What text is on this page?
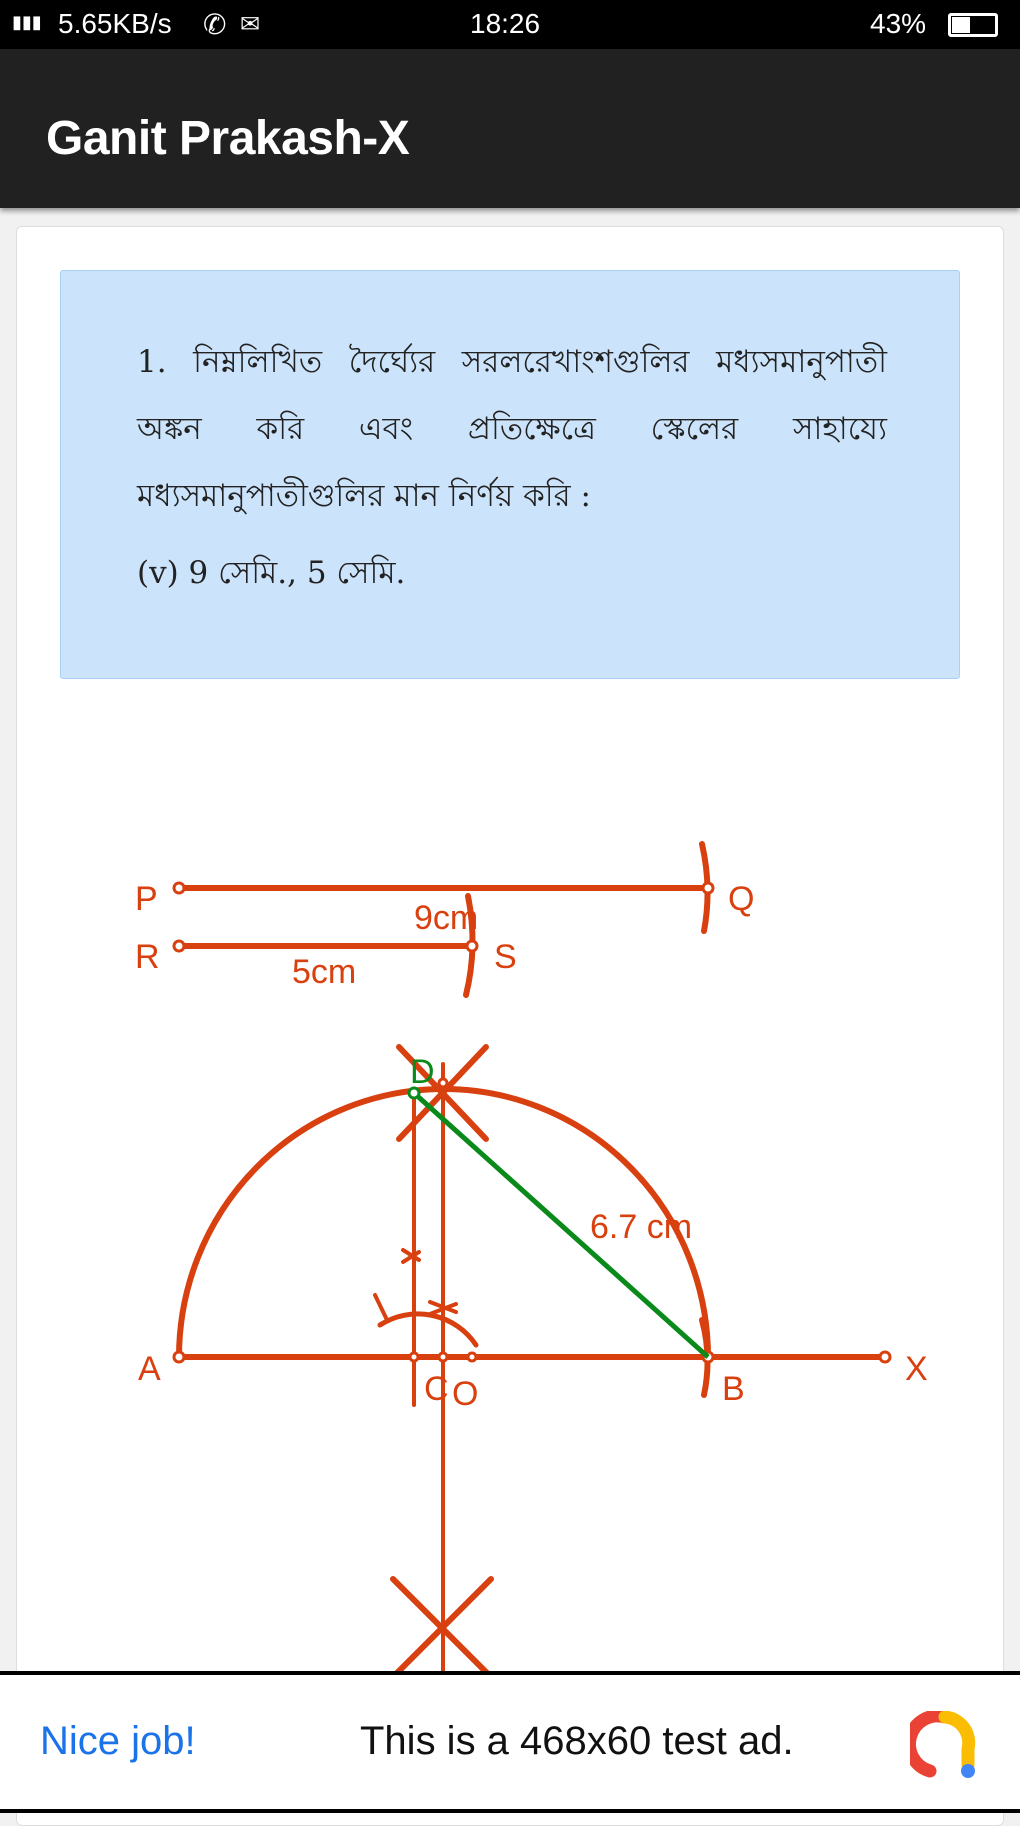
▮▮▮ 5.65KB/s ✆ ✉	18:26	43%
Ganit Prakash-X
1. নিম্নলিখিত দৈর্ঘ্যের সরলরেখাংশগুলির মধ্যসমানুপাতী অঙ্কন করি এবং প্রতিক্ষেত্রে স্কেলের সাহায্যে মধ্যসমানুপাতীগুলির মান নির্ণয় করি :
(v) 9 সেমি., 5 সেমি.
P	Q
R	S
9cm
5cm
A
B
X
C O
6.7 cm
D
Nice job!	This is a 468x60 test ad.
